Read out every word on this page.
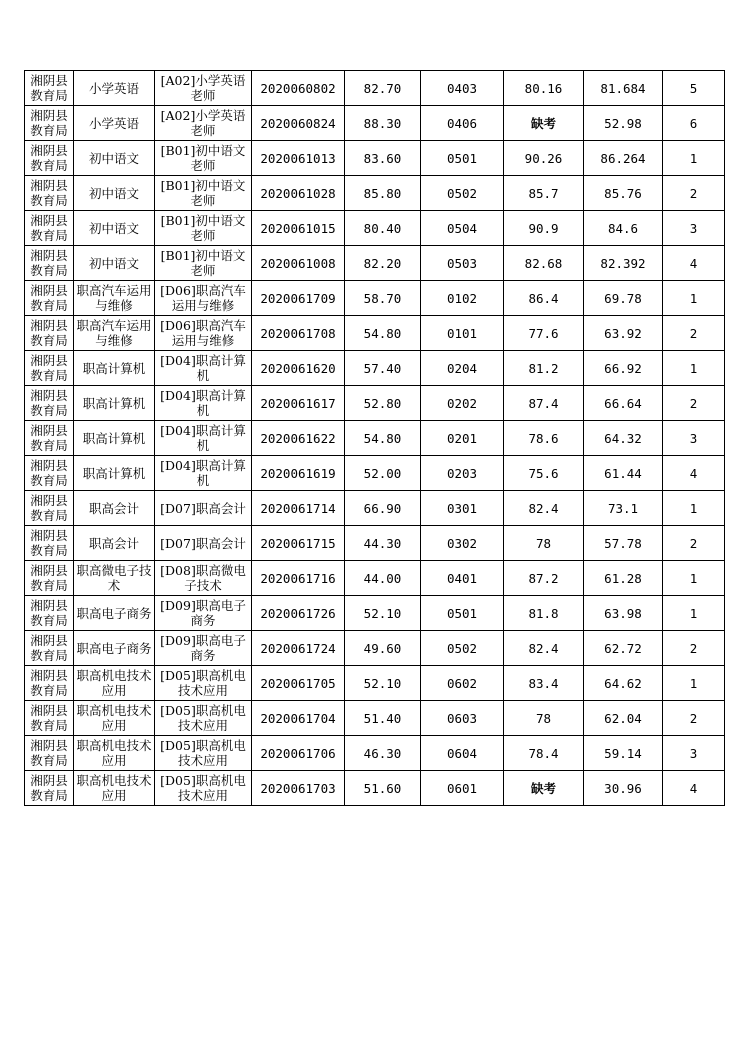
湘阴县教育局	小学英语	[A02]小学英语老师	2020060802	82.70	0403	80.16	81.684	5
湘阴县教育局	小学英语	[A02]小学英语老师	2020060824	88.30	0406	缺考	52.98	6
湘阴县教育局	初中语文	[B01]初中语文老师	2020061013	83.60	0501	90.26	86.264	1
湘阴县教育局	初中语文	[B01]初中语文老师	2020061028	85.80	0502	85.7	85.76	2
湘阴县教育局	初中语文	[B01]初中语文老师	2020061015	80.40	0504	90.9	84.6	3
湘阴县教育局	初中语文	[B01]初中语文老师	2020061008	82.20	0503	82.68	82.392	4
湘阴县教育局	职高汽车运用与维修	[D06]职高汽车运用与维修	2020061709	58.70	0102	86.4	69.78	1
湘阴县教育局	职高汽车运用与维修	[D06]职高汽车运用与维修	2020061708	54.80	0101	77.6	63.92	2
湘阴县教育局	职高计算机	[D04]职高计算机	2020061620	57.40	0204	81.2	66.92	1
湘阴县教育局	职高计算机	[D04]职高计算机	2020061617	52.80	0202	87.4	66.64	2
湘阴县教育局	职高计算机	[D04]职高计算机	2020061622	54.80	0201	78.6	64.32	3
湘阴县教育局	职高计算机	[D04]职高计算机	2020061619	52.00	0203	75.6	61.44	4
湘阴县教育局	职高会计	[D07]职高会计	2020061714	66.90	0301	82.4	73.1	1
湘阴县教育局	职高会计	[D07]职高会计	2020061715	44.30	0302	78	57.78	2
湘阴县教育局	职高微电子技术	[D08]职高微电子技术	2020061716	44.00	0401	87.2	61.28	1
湘阴县教育局	职高电子商务	[D09]职高电子商务	2020061726	52.10	0501	81.8	63.98	1
湘阴县教育局	职高电子商务	[D09]职高电子商务	2020061724	49.60	0502	82.4	62.72	2
湘阴县教育局	职高机电技术应用	[D05]职高机电技术应用	2020061705	52.10	0602	83.4	64.62	1
湘阴县教育局	职高机电技术应用	[D05]职高机电技术应用	2020061704	51.40	0603	78	62.04	2
湘阴县教育局	职高机电技术应用	[D05]职高机电技术应用	2020061706	46.30	0604	78.4	59.14	3
湘阴县教育局	职高机电技术应用	[D05]职高机电技术应用	2020061703	51.60	0601	缺考	30.96	4
